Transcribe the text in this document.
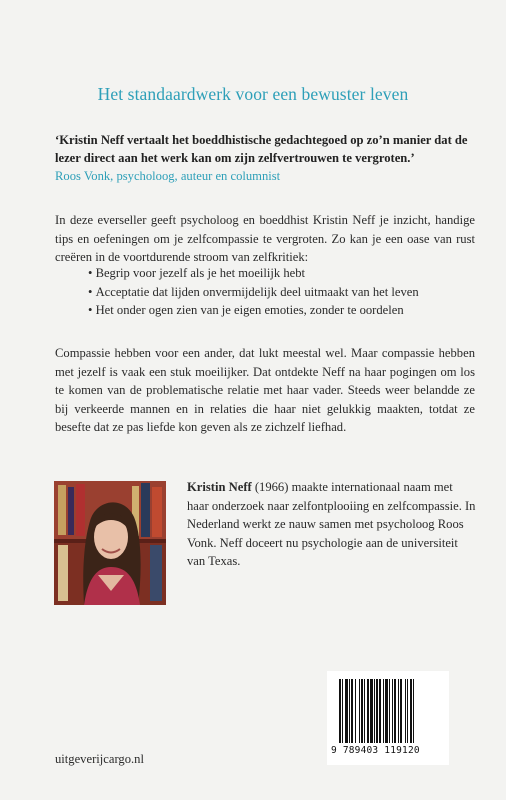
Het standaardwerk voor een bewuster leven
‘Kristin Neff vertaalt het boeddhistische gedachtegoed op zo’n manier dat de lezer direct aan het werk kan om zijn zelfvertrouwen te vergroten.’
Roos Vonk, psycholoog, auteur en columnist
In deze everseller geeft psycholoog en boeddhist Kristin Neff je inzicht, handige tips en oefeningen om je zelfcompassie te vergroten. Zo kan je een oase van rust creëren in de voortdurende stroom van zelfkritiek:
• Begrip voor jezelf als je het moeilijk hebt
• Acceptatie dat lijden onvermijdelijk deel uitmaakt van het leven
• Het onder ogen zien van je eigen emoties, zonder te oordelen
Compassie hebben voor een ander, dat lukt meestal wel. Maar compassie hebben met jezelf is vaak een stuk moeilijker. Dat ontdekte Neff na haar pogingen om los te komen van de problematische relatie met haar vader. Steeds weer belandde ze bij verkeerde mannen en in relaties die haar niet gelukkig maakten, totdat ze besefte dat ze pas liefde kon geven als ze zichzelf liefhad.
Kristin Neff (1966) maakte internationaal naam met haar onderzoek naar zelfontplooiing en zelfcompassie. In Nederland werkt ze nauw samen met psycholoog Roos Vonk. Neff doceert nu psychologie aan de universiteit van Texas.
uitgeverijcargo.nl
9 789403 119120
